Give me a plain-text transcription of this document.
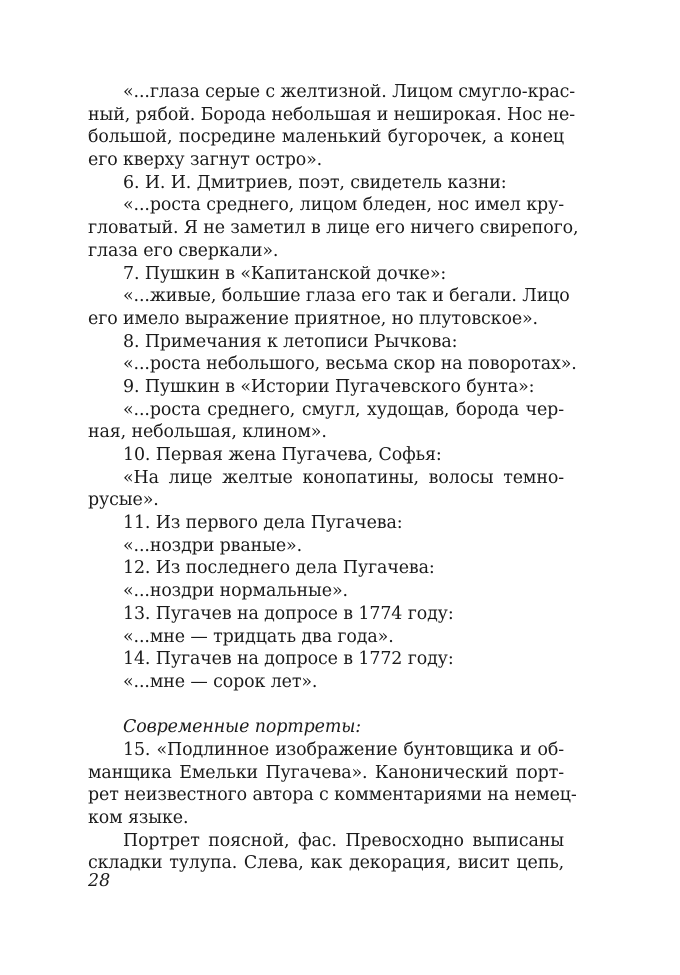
«...глаза серые с желтизной. Лицом смугло-крас-
ный, рябой. Борода небольшая и неширокая. Нос не-
большой, посредине маленький бугорочек, а конец
его кверху загнут остро».
6. И. И. Дмитриев, поэт, свидетель казни:
«...роста среднего, лицом бледен, нос имел кру-
гловатый. Я не заметил в лице его ничего свирепого,
глаза его сверкали».
7. Пушкин в «Капитанской дочке»:
«...живые, большие глаза его так и бегали. Лицо
его имело выражение приятное, но плутовское».
8. Примечания к летописи Рычкова:
«...роста небольшого, весьма скор на поворотах».
9. Пушкин в «Истории Пугачевского бунта»:
«...роста среднего, смугл, худощав, борода чер-
ная, небольшая, клином».
10. Первая жена Пугачева, Софья:
«На лице желтые конопатины, волосы темно-
русые».
11. Из первого дела Пугачева:
«...ноздри рваные».
12. Из последнего дела Пугачева:
«...ноздри нормальные».
13. Пугачев на допросе в 1774 году:
«...мне — тридцать два года».
14. Пугачев на допросе в 1772 году:
«...мне — сорок лет».
Современные портреты:
15. «Подлинное изображение бунтовщика и об-
манщика Емельки Пугачева». Канонический порт-
рет неизвестного автора с комментариями на немец-
ком языке.
Портрет поясной, фас. Превосходно выписаны
складки тулупа. Слева, как декорация, висит цепь,
28
